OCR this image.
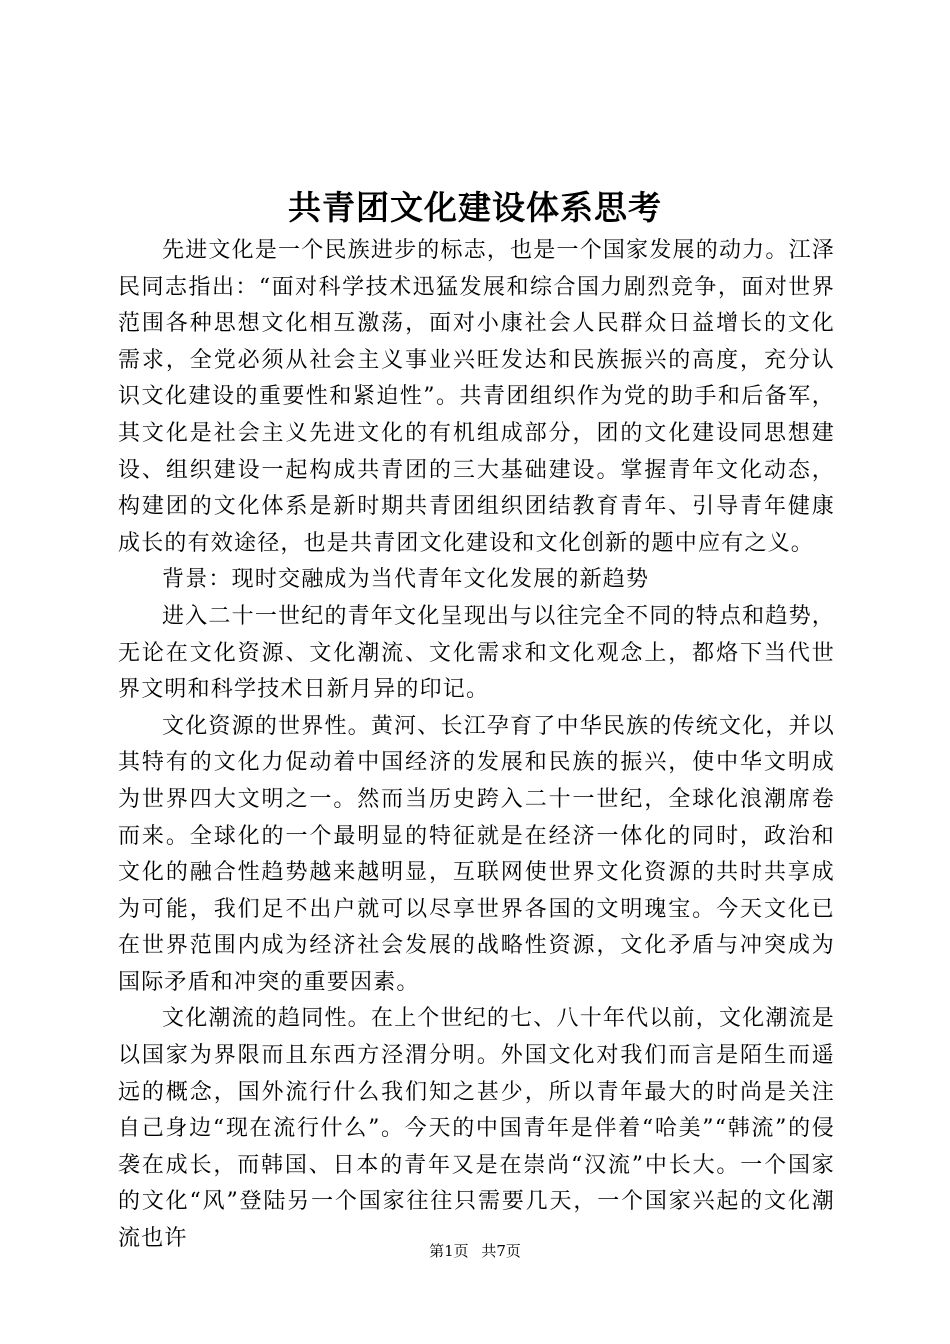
共青团文化建设体系思考

先进文化是一个民族进步的标志，也是一个国家发展的动力。江泽民同志指出：“面对科学技术迅猛发展和综合国力剧烈竞争，面对世界范围各种思想文化相互激荡，面对小康社会人民群众日益增长的文化需求，全党必须从社会主义事业兴旺发达和民族振兴的高度，充分认识文化建设的重要性和紧迫性”。共青团组织作为党的助手和后备军，其文化是社会主义先进文化的有机组成部分，团的文化建设同思想建设、组织建设一起构成共青团的三大基础建设。掌握青年文化动态，构建团的文化体系是新时期共青团组织团结教育青年、引导青年健康成长的有效途径，也是共青团文化建设和文化创新的题中应有之义。

背景：现时交融成为当代青年文化发展的新趋势

进入二十一世纪的青年文化呈现出与以往完全不同的特点和趋势，无论在文化资源、文化潮流、文化需求和文化观念上，都烙下当代世界文明和科学技术日新月异的印记。

文化资源的世界性。黄河、长江孕育了中华民族的传统文化，并以其特有的文化力促动着中国经济的发展和民族的振兴，使中华文明成为世界四大文明之一。然而当历史跨入二十一世纪，全球化浪潮席卷而来。全球化的一个最明显的特征就是在经济一体化的同时，政治和文化的融合性趋势越来越明显，互联网使世界文化资源的共时共享成为可能，我们足不出户就可以尽享世界各国的文明瑰宝。今天文化已在世界范围内成为经济社会发展的战略性资源，文化矛盾与冲突成为国际矛盾和冲突的重要因素。

文化潮流的趋同性。在上个世纪的七、八十年代以前，文化潮流是以国家为界限而且东西方泾渭分明。外国文化对我们而言是陌生而遥远的概念，国外流行什么我们知之甚少，所以青年最大的时尚是关注自己身边“现在流行什么”。今天的中国青年是伴着“哈美”“韩流”的侵袭在成长，而韩国、日本的青年又是在崇尚“汉流”中长大。一个国家的文化“风”登陆另一个国家往往只需要几天，一个国家兴起的文化潮流也许	第1页 共7页
